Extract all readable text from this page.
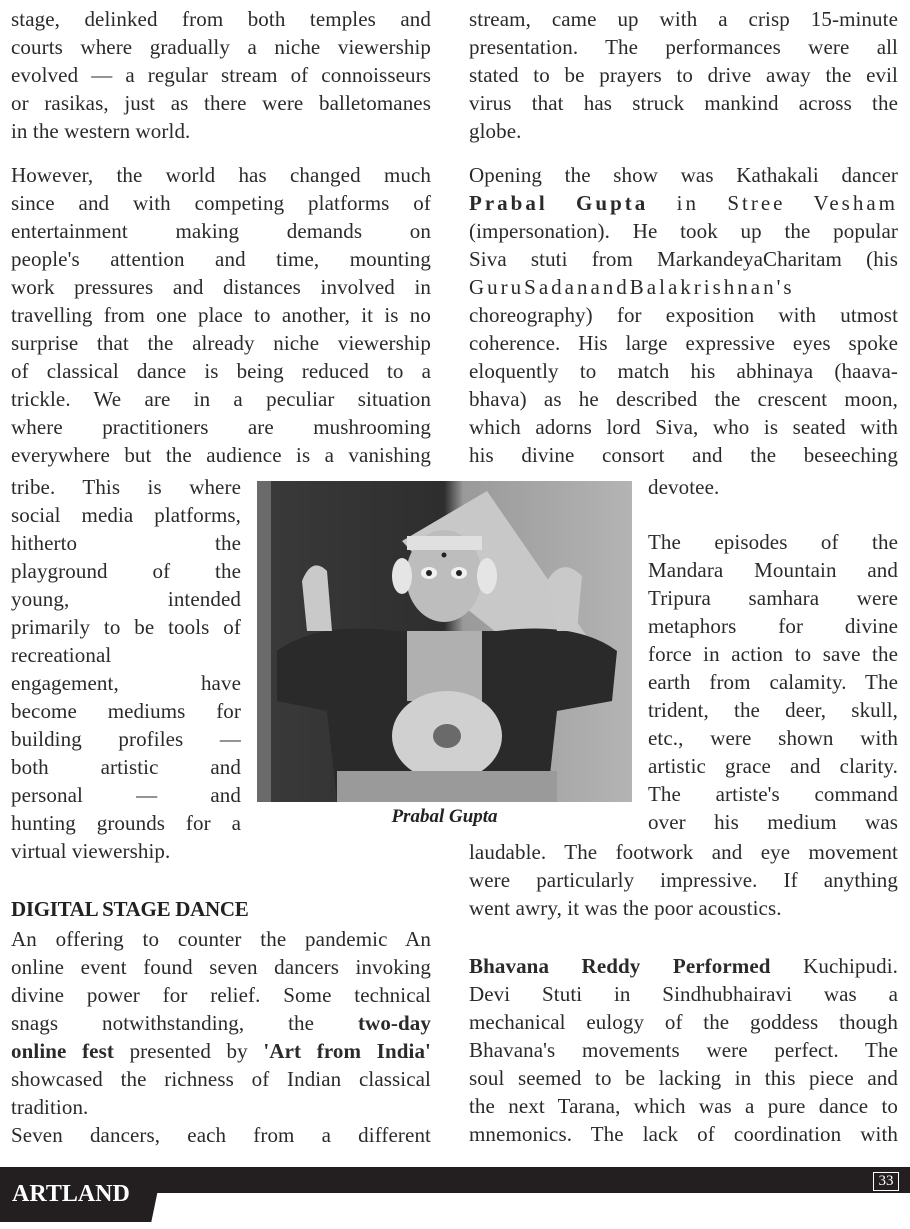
stage, delinked from both temples and
courts where gradually a niche viewership
evolved — a regular stream of connoisseurs
or rasikas, just as there were balletomanes
in the western world.
However, the world has changed much
since and with competing platforms of
entertainment making demands on
people's attention and time, mounting
work pressures and distances involved in
travelling from one place to another, it is no
surprise that the already niche viewership
of classical dance is being reduced to a
trickle. We are in a peculiar situation
where practitioners are mushrooming
everywhere but the audience is a vanishing
tribe. This is where
social media platforms,
hitherto the
playground of the
young, intended
primarily to be tools of
recreational
engagement, have
become mediums for
building profiles —
both artistic and
personal — and
hunting grounds for a
virtual viewership.
DIGITAL STAGE DANCE
An offering to counter the pandemic An
online event found seven dancers invoking
divine power for relief. Some technical
snags notwithstanding, the two-day
online fest presented by 'Art from India'
showcased the richness of Indian classical
tradition.
Seven dancers, each from a different
Prabal Gupta
stream, came up with a crisp 15-minute
presentation. The performances were all
stated to be prayers to drive away the evil
virus that has struck mankind across the
globe.
Opening the show was Kathakali dancer
Prabal Gupta in Stree Vesham
(impersonation). He took up the popular
Siva stuti from MarkandeyaCharitam (his
GuruSadanandBalakrishnan's
choreography) for exposition with utmost
coherence. His large expressive eyes spoke
eloquently to match his abhinaya (haava-
bhava) as he described the crescent moon,
which adorns lord Siva, who is seated with
his divine consort and the beseeching
devotee.
The episodes of the
Mandara Mountain and
Tripura samhara were
metaphors for divine
force in action to save the
earth from calamity. The
trident, the deer, skull,
etc., were shown with
artistic grace and clarity.
The artiste's command
over his medium was
laudable. The footwork and eye movement
were particularly impressive. If anything
went awry, it was the poor acoustics.
Bhavana Reddy Performed Kuchipudi.
Devi Stuti in Sindhubhairavi was a
mechanical eulogy of the goddess though
Bhavana's movements were perfect. The
soul seemed to be lacking in this piece and
the next Tarana, which was a pure dance to
mnemonics. The lack of coordination with
ARTLAND	33
